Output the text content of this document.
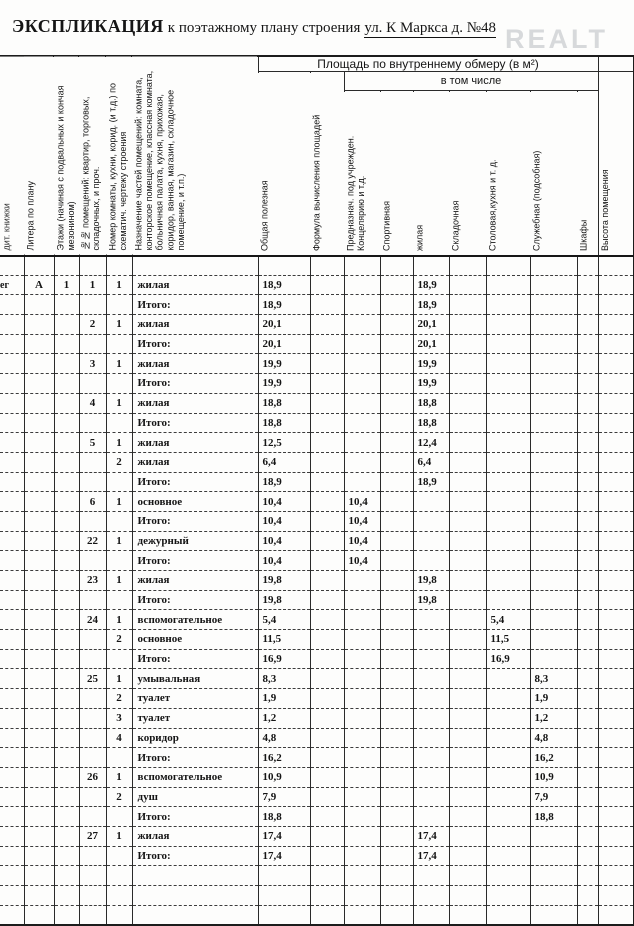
REALT
ЭКСПЛИКАЦИЯ к поэтажному плану строения ул. К Маркса д. №48
дит. книжки	Литера по плану	Этажи (начиная с подвальных и кончая мезонином)	№№ помещений: квартир, торговых, складочных, и проч.	Номер комнаты, кухни, корид. (и т.д.) по схематич. чертежу строения	Назначение частей помещений: комната, конторское помещение, классная комната, больничная палата, кухня, прихожая, коридор, ванная, магазин, складочное помещение, и т.п.)	Площадь по внутреннему обмеру (в м²)									
						Общая полезная	Формула вычисления площадей	в том числе							Высота помещения
								Предназнач. под учрежден. Концелярию и т.д.	Спортивная	жилая	Складочная	Столовая,кухня и т. д.	Служебная (подсобная)	Шкафы	

ег	А	1	1	1	жилая	18,9				18,9					
					Итого:	18,9				18,9					
			2	1	жилая	20,1				20,1					
					Итого:	20,1				20,1					
			3	1	жилая	19,9				19,9					
					Итого:	19,9				19,9					
			4	1	жилая	18,8				18,8					
					Итого:	18,8				18,8					
			5	1	жилая	12,5				12,4					
				2	жилая	6,4				6,4					
					Итого:	18,9				18,9					
			6	1	основное	10,4		10,4							
					Итого:	10,4		10,4							
			22	1	дежурный	10,4		10,4							
					Итого:	10,4		10,4							
			23	1	жилая	19,8				19,8					
					Итого:	19,8				19,8					
			24	1	вспомогательное	5,4						5,4			
				2	основное	11,5						11,5			
					Итого:	16,9						16,9			
			25	1	умывальная	8,3							8,3		
				2	туалет	1,9							1,9		
				3	туалет	1,2							1,2		
				4	коридор	4,8							4,8		
					Итого:	16,2							16,2		
			26	1	вспомогательное	10,9							10,9		
				2	душ	7,9							7,9		
					Итого:	18,8							18,8		
			27	1	жилая	17,4				17,4					
					Итого:	17,4				17,4					
